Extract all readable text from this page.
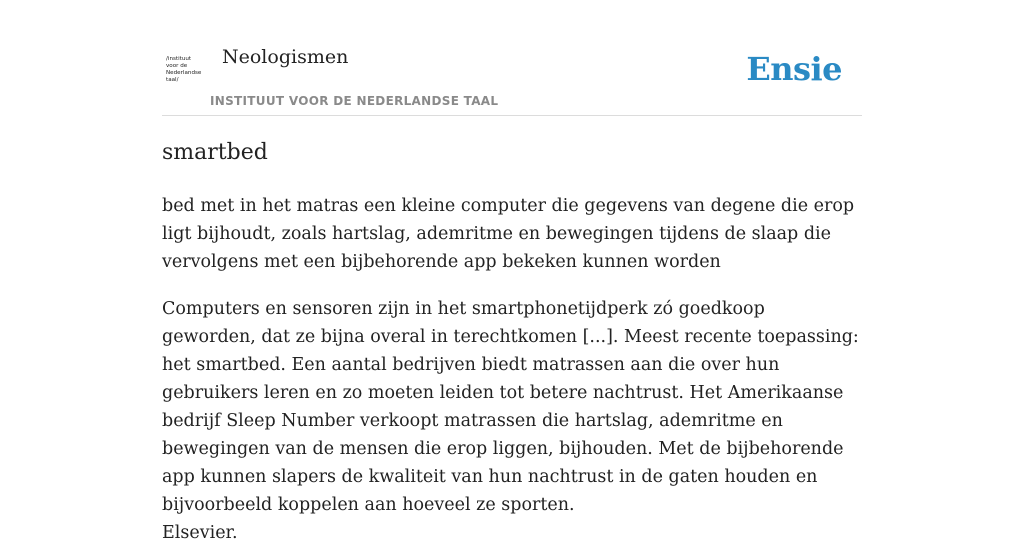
/instituut
voor de
Nederlandse
taal/
Neologismen
INSTITUUT VOOR DE NEDERLANDSE TAAL
Ensie
smartbed
bed met in het matras een kleine computer die gegevens van degene die erop ligt bijhoudt, zoals hartslag, ademritme en bewegingen tijdens de slaap die vervolgens met een bijbehorende app bekeken kunnen worden
Computers en sensoren zijn in het smartphonetijdperk zó goedkoop geworden, dat ze bijna overal in terechtkomen [...]. Meest recente toepassing: het smartbed. Een aantal bedrijven biedt matrassen aan die over hun gebruikers leren en zo moeten leiden tot betere nachtrust. Het Amerikaanse bedrijf Sleep Number verkoopt matrassen die hartslag, ademritme en bewegingen van de mensen die erop liggen, bijhouden. Met de bijbehorende app kunnen slapers de kwaliteit van hun nachtrust in de gaten houden en bijvoorbeeld koppelen aan hoeveel ze sporten.
Elsevier.
